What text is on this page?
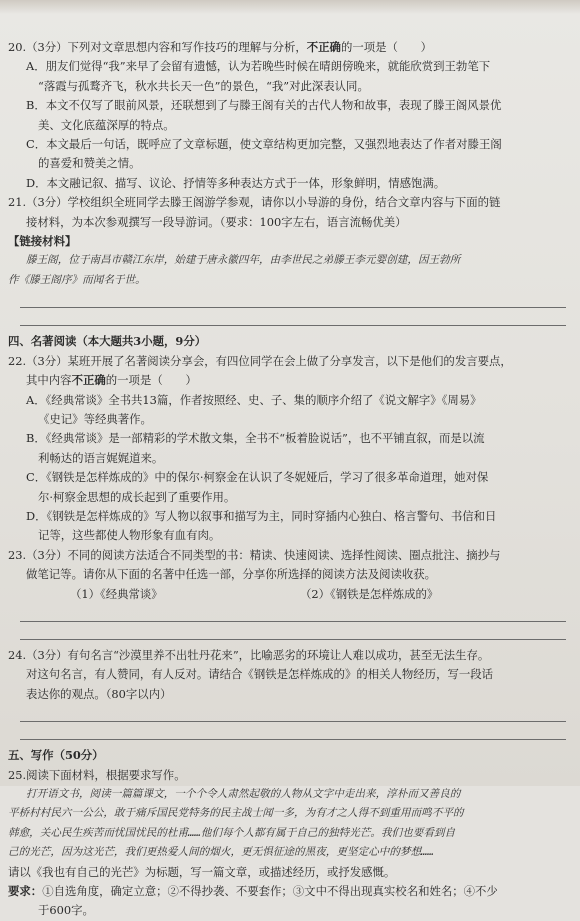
20.（3分）下列对文章思想内容和写作技巧的理解与分析，不正确的一项是（　　）
A．朋友们觉得“我”来早了会留有遗憾，认为若晚些时候在晴朗傍晚来，就能欣赏到王勃笔下
“落霞与孤鹜齐飞，秋水共长天一色”的景色，“我”对此深表认同。
B．本文不仅写了眼前风景，还联想到了与滕王阁有关的古代人物和故事，表现了滕王阁风景优
美、文化底蕴深厚的特点。
C．本文最后一句话，既呼应了文章标题，使文章结构更加完整，又强烈地表达了作者对滕王阁
的喜爱和赞美之情。
D．本文融记叙、描写、议论、抒情等多种表达方式于一体，形象鲜明，情感饱满。
21.（3分）学校组织全班同学去滕王阁游学参观，请你以小导游的身份，结合文章内容与下面的链
接材料，为本次参观撰写一段导游词。（要求：100字左右，语言流畅优美）
【链接材料】
滕王阁，位于南昌市赣江东岸，始建于唐永徽四年，由李世民之弟滕王李元婴创建，因王勃所
作《滕王阁序》而闻名于世。
四、名著阅读（本大题共3小题，9分）
22.（3分）某班开展了名著阅读分享会，有四位同学在会上做了分享发言，以下是他们的发言要点，
其中内容不正确的一项是（　　）
A．《经典常谈》全书共13篇，作者按照经、史、子、集的顺序介绍了《说文解字》《周易》
《史记》等经典著作。
B．《经典常谈》是一部精彩的学术散文集，全书不“板着脸说话”，也不平铺直叙，而是以流
利畅达的语言娓娓道来。
C．《钢铁是怎样炼成的》中的保尔·柯察金在认识了冬妮娅后，学习了很多革命道理，她对保
尔·柯察金思想的成长起到了重要作用。
D．《钢铁是怎样炼成的》写人物以叙事和描写为主，同时穿插内心独白、格言警句、书信和日
记等，这些都使人物形象有血有肉。
23.（3分）不同的阅读方法适合不同类型的书：精读、快速阅读、选择性阅读、圈点批注、摘抄与
做笔记等。请你从下面的名著中任选一部，分享你所选择的阅读方法及阅读收获。
（1）《经典常谈》	（2）《钢铁是怎样炼成的》
24.（3分）有句名言“沙漠里养不出牡丹花来”，比喻恶劣的环境让人难以成功，甚至无法生存。
对这句名言，有人赞同，有人反对。请结合《钢铁是怎样炼成的》的相关人物经历，写一段话
表达你的观点。（80字以内）
五、写作（50分）
25.阅读下面材料，根据要求写作。
打开语文书，阅读一篇篇课文，一个个令人肃然起敬的人物从文字中走出来，淳朴而又善良的
平桥村村民六一公公，敢于痛斥国民党特务的民主战士闻一多，为有才之人得不到重用而鸣不平的
韩愈，关心民生疾苦而忧国忧民的杜甫……他们每个人都有属于自己的独特光芒。我们也要看到自
己的光芒，因为这光芒，我们更热爱人间的烟火，更无惧征途的黑夜，更坚定心中的梦想……
请以《我也有自己的光芒》为标题，写一篇文章，或描述经历，或抒发感慨。
要求：①自选角度，确定立意；②不得抄袭、不要套作；③文中不得出现真实校名和姓名；④不少
于600字。
